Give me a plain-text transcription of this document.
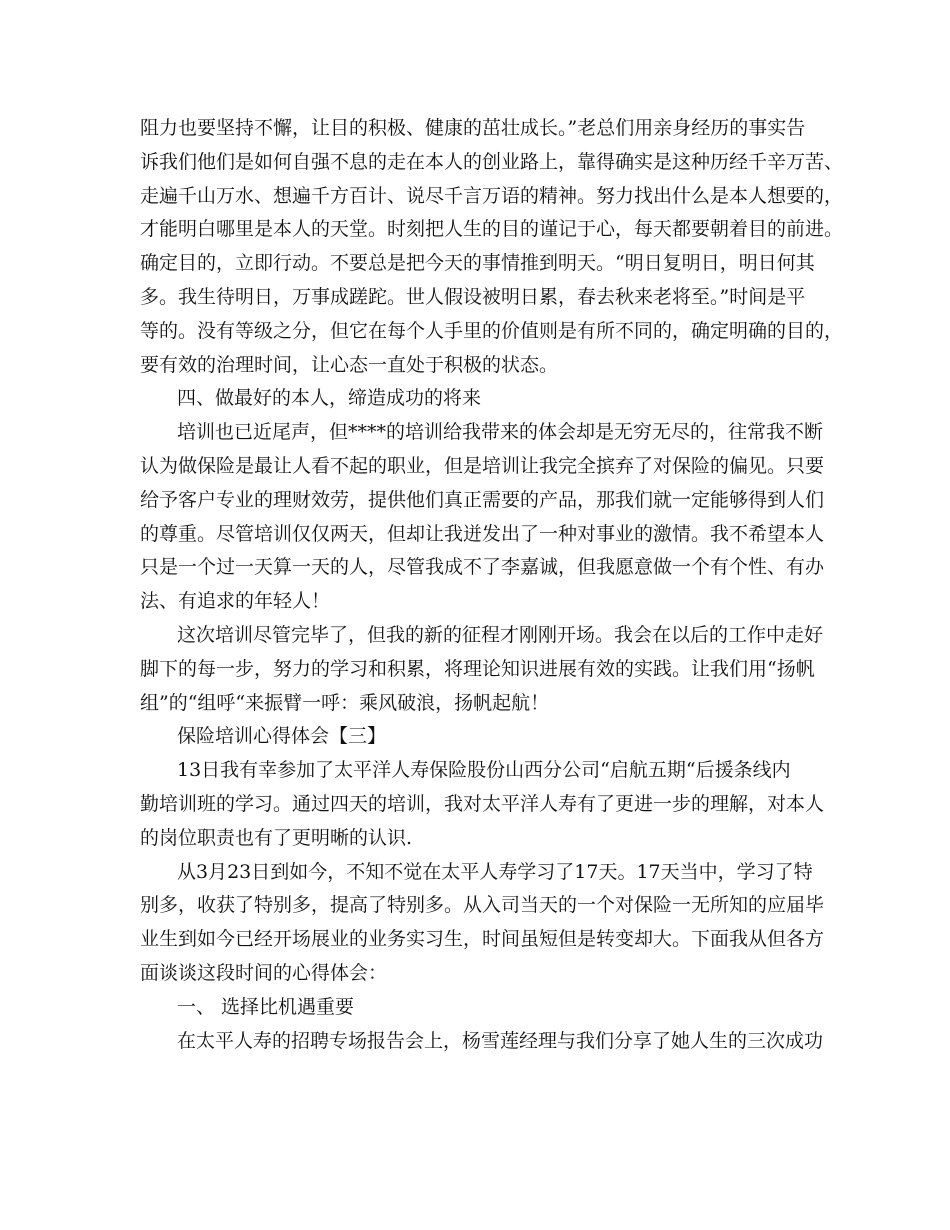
阻力也要坚持不懈，让目的积极、健康的茁壮成长。”老总们用亲身经历的事实告
诉我们他们是如何自强不息的走在本人的创业路上，靠得确实是这种历经千辛万苦、
走遍千山万水、想遍千方百计、说尽千言万语的精神。努力找出什么是本人想要的，
才能明白哪里是本人的天堂。时刻把人生的目的谨记于心，每天都要朝着目的前进。
确定目的，立即行动。不要总是把今天的事情推到明天。“明日复明日，明日何其
多。我生待明日，万事成蹉跎。世人假设被明日累，春去秋来老将至。”时间是平
等的。没有等级之分，但它在每个人手里的价值则是有所不同的，确定明确的目的，
要有效的治理时间，让心态一直处于积极的状态。
四、做最好的本人，缔造成功的将来
培训也已近尾声，但****的培训给我带来的体会却是无穷无尽的，往常我不断
认为做保险是最让人看不起的职业，但是培训让我完全摈弃了对保险的偏见。只要
给予客户专业的理财效劳，提供他们真正需要的产品，那我们就一定能够得到人们
的尊重。尽管培训仅仅两天，但却让我迸发出了一种对事业的激情。我不希望本人
只是一个过一天算一天的人，尽管我成不了李嘉诚，但我愿意做一个有个性、有办
法、有追求的年轻人！
这次培训尽管完毕了，但我的新的征程才刚刚开场。我会在以后的工作中走好
脚下的每一步，努力的学习和积累，将理论知识进展有效的实践。让我们用“扬帆
组”的“组呼“来振臂一呼：乘风破浪，扬帆起航！
保险培训心得体会【三】
13日我有幸参加了太平洋人寿保险股份山西分公司“启航五期“后援条线内
勤培训班的学习。通过四天的培训，我对太平洋人寿有了更进一步的理解，对本人
的岗位职责也有了更明晰的认识.
从3月23日到如今，不知不觉在太平人寿学习了17天。17天当中，学习了特
别多，收获了特别多，提高了特别多。从入司当天的一个对保险一无所知的应届毕
业生到如今已经开场展业的业务实习生，时间虽短但是转变却大。下面我从但各方
面谈谈这段时间的心得体会：
一、 选择比机遇重要
在太平人寿的招聘专场报告会上，杨雪莲经理与我们分享了她人生的三次成功
